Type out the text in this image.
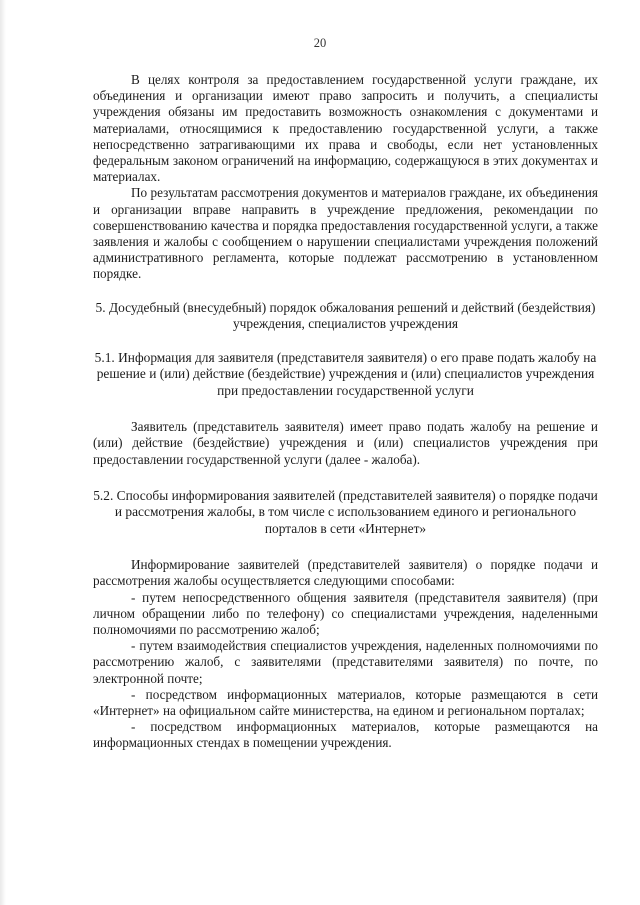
20

В целях контроля за предоставлением государственной услуги граждане, их объединения и организации имеют право запросить и получить, а специалисты учреждения обязаны им предоставить возможность ознакомления с документами и материалами, относящимися к предоставлению государственной услуги, а также непосредственно затрагивающими их права и свободы, если нет установленных федеральным законом ограничений на информацию, содержащуюся в этих документах и материалах.

По результатам рассмотрения документов и материалов граждане, их объединения и организации вправе направить в учреждение предложения, рекомендации по совершенствованию качества и порядка предоставления государственной услуги, а также заявления и жалобы с сообщением о нарушении специалистами учреждения положений административного регламента, которые подлежат рассмотрению в установленном порядке.

5. Досудебный (внесудебный) порядок обжалования решений и действий (бездействия) учреждения, специалистов учреждения

5.1. Информация для заявителя (представителя заявителя) о его праве подать жалобу на решение и (или) действие (бездействие) учреждения и (или) специалистов учреждения при предоставлении государственной услуги

Заявитель (представитель заявителя) имеет право подать жалобу на решение и (или) действие (бездействие) учреждения и (или) специалистов учреждения при предоставлении государственной услуги (далее - жалоба).

5.2. Способы информирования заявителей (представителей заявителя) о порядке подачи и рассмотрения жалобы, в том числе с использованием единого и регионального порталов в сети «Интернет»

Информирование заявителей (представителей заявителя) о порядке подачи и рассмотрения жалобы осуществляется следующими способами:

- путем непосредственного общения заявителя (представителя заявителя) (при личном обращении либо по телефону) со специалистами учреждения, наделенными полномочиями по рассмотрению жалоб;

- путем взаимодействия специалистов учреждения, наделенных полномочиями по рассмотрению жалоб, с заявителями (представителями заявителя) по почте, по электронной почте;

- посредством информационных материалов, которые размещаются в сети «Интернет» на официальном сайте министерства, на едином и региональном порталах;

- посредством информационных материалов, которые размещаются на информационных стендах в помещении учреждения.
